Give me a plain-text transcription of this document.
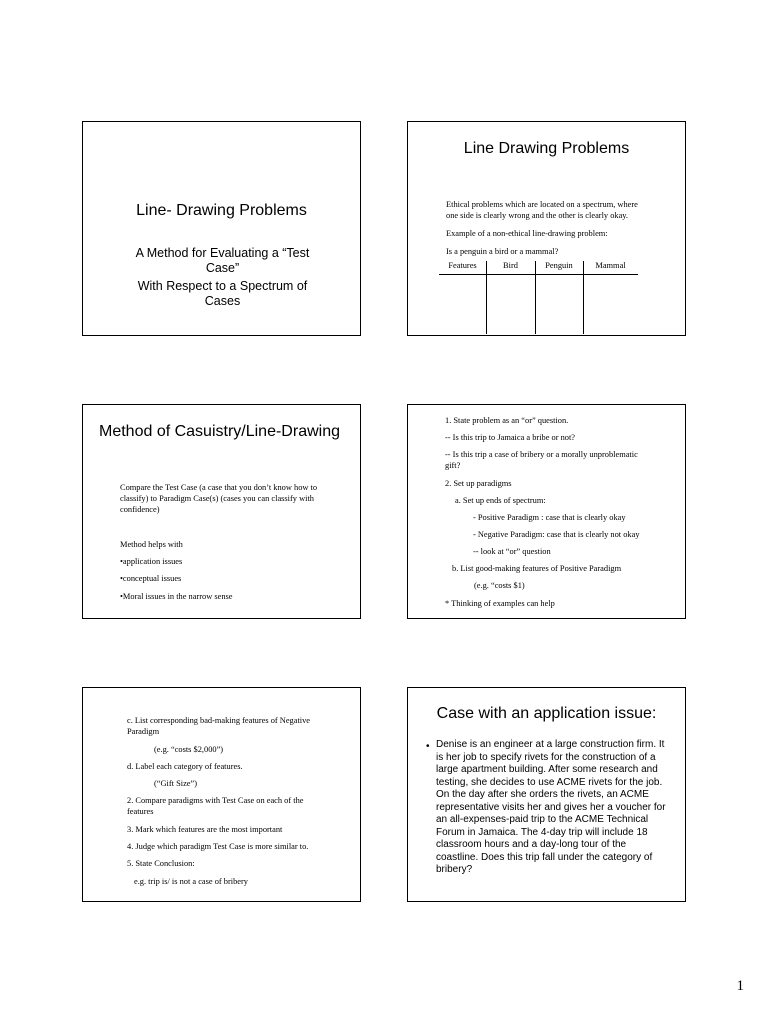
Line- Drawing Problems
A Method for Evaluating a “Test
Case”
With Respect to a Spectrum of
Cases
Line Drawing Problems
Ethical problems which are located on a spectrum, where
one side is clearly wrong and the other is clearly okay.
Example of a non-ethical line-drawing problem:
Is a penguin a bird or a mammal?
Features	Bird	Penguin	Mammal
Method of Casuistry/Line-Drawing
Compare the Test Case (a case that you don’t know how to
classify) to Paradigm Case(s) (cases you can classify with
confidence)
Method helps with
•application issues
•conceptual issues
•Moral issues in the narrow sense
1. State problem as an “or” question.
-- Is this trip to Jamaica a bribe or not?
-- Is this trip a case of bribery or a morally unproblematic
gift?
2. Set up paradigms
a. Set up ends of spectrum:
- Positive Paradigm : case that is clearly okay
- Negative Paradigm: case that is clearly not okay
-- look at “or” question
b. List good-making features of Positive Paradigm
(e.g. “costs $1)
* Thinking of examples can help
c. List corresponding bad-making features of Negative
Paradigm
(e.g. “costs $2,000”)
d. Label each category of features.
(“Gift Size”)
2. Compare paradigms with Test Case on each of the
features
3. Mark which features are the most important
4. Judge which paradigm Test Case is more similar to.
5. State Conclusion:
e.g. trip is/ is not a case of bribery
Case with an application issue:
• Denise is an engineer at a large construction firm. It
is her job to specify rivets for the construction of a
large apartment building. After some research and
testing, she decides to use ACME rivets for the job.
On the day after she orders the rivets, an ACME
representative visits her and gives her a voucher for
an all-expenses-paid trip to the ACME Technical
Forum in Jamaica. The 4-day trip will include 18
classroom hours and a day-long tour of the
coastline. Does this trip fall under the category of
bribery?
1
